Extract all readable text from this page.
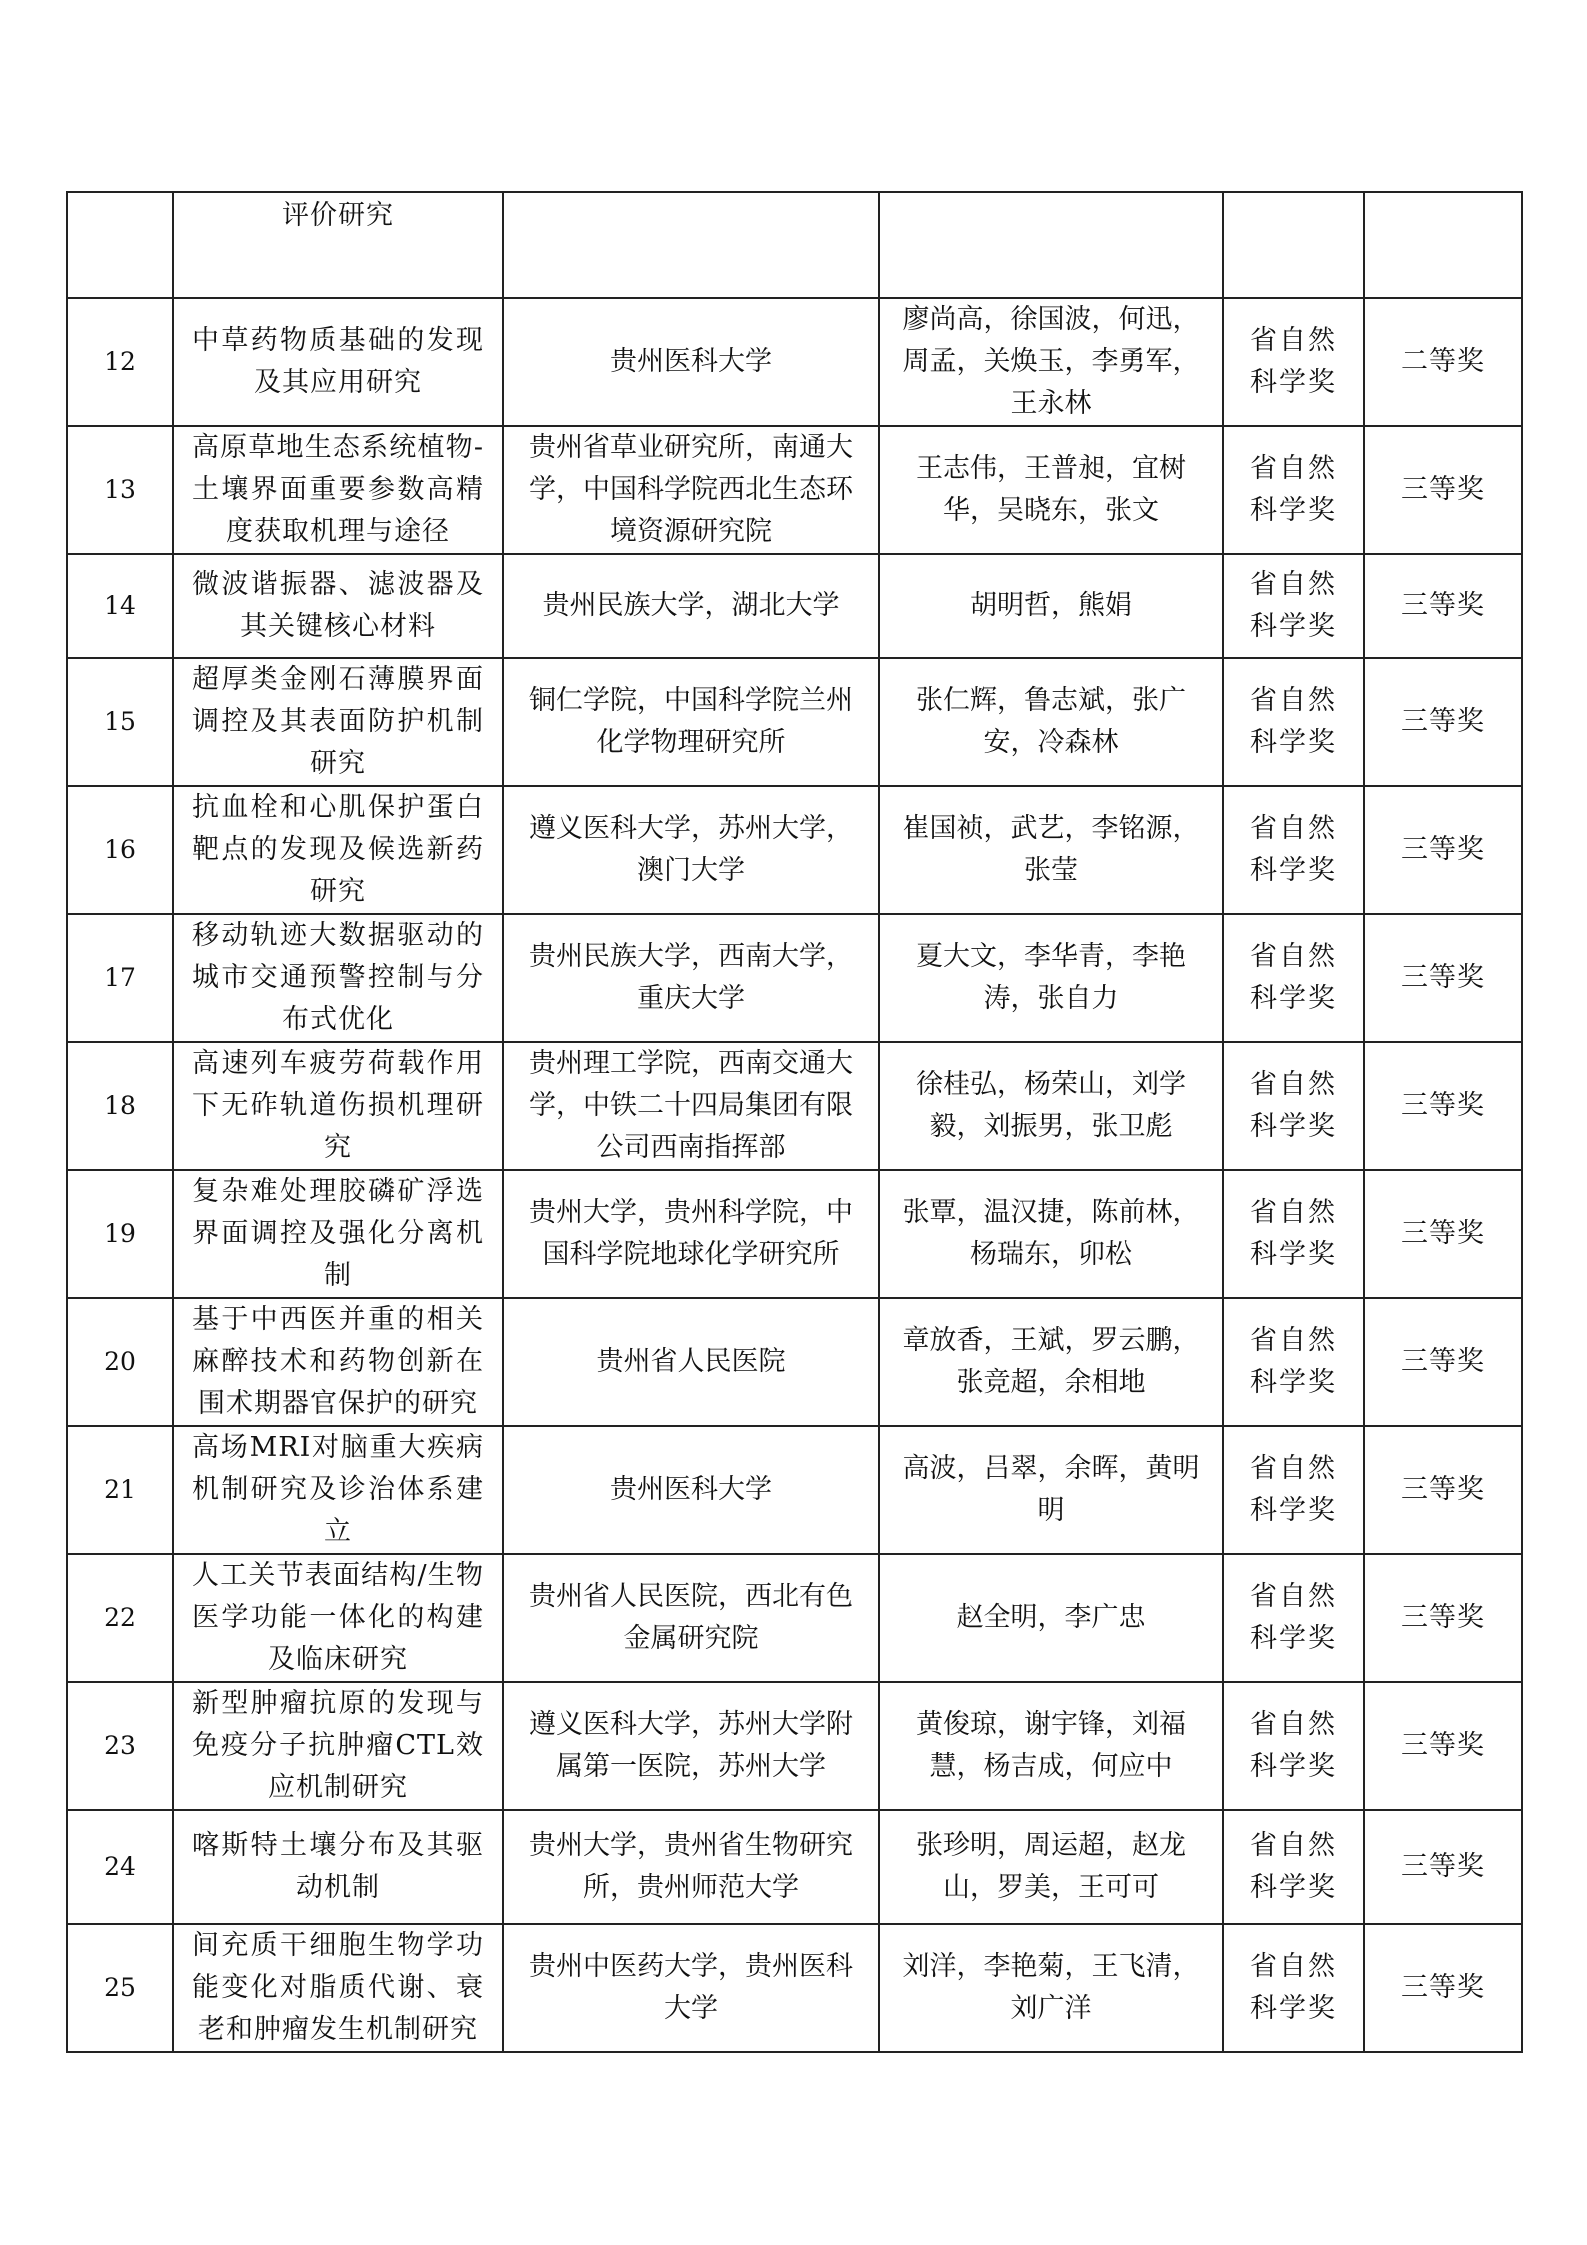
	评价研究				
12	中草药物质基础的发现及其应用研究	贵州医科大学	廖尚高，徐国波，何迅，周孟，关焕玉，李勇军，王永林	省自然科学奖	二等奖
13	高原草地生态系统植物-土壤界面重要参数高精度获取机理与途径	贵州省草业研究所，南通大学，中国科学院西北生态环境资源研究院	王志伟，王普昶，宜树华，吴晓东，张文	省自然科学奖	三等奖
14	微波谐振器、滤波器及其关键核心材料	贵州民族大学，湖北大学	胡明哲，熊娟	省自然科学奖	三等奖
15	超厚类金刚石薄膜界面调控及其表面防护机制研究	铜仁学院，中国科学院兰州化学物理研究所	张仁辉，鲁志斌，张广安，冷森林	省自然科学奖	三等奖
16	抗血栓和心肌保护蛋白靶点的发现及候选新药研究	遵义医科大学，苏州大学，澳门大学	崔国祯，武艺，李铭源，张莹	省自然科学奖	三等奖
17	移动轨迹大数据驱动的城市交通预警控制与分布式优化	贵州民族大学，西南大学，重庆大学	夏大文，李华青，李艳涛，张自力	省自然科学奖	三等奖
18	高速列车疲劳荷载作用下无砟轨道伤损机理研究	贵州理工学院，西南交通大学，中铁二十四局集团有限公司西南指挥部	徐桂弘，杨荣山，刘学毅，刘振男，张卫彪	省自然科学奖	三等奖
19	复杂难处理胶磷矿浮选界面调控及强化分离机制	贵州大学，贵州科学院，中国科学院地球化学研究所	张覃，温汉捷，陈前林，杨瑞东，卯松	省自然科学奖	三等奖
20	基于中西医并重的相关麻醉技术和药物创新在围术期器官保护的研究	贵州省人民医院	章放香，王斌，罗云鹏，张竞超，余相地	省自然科学奖	三等奖
21	高场MRI对脑重大疾病机制研究及诊治体系建立	贵州医科大学	高波，吕翠，余晖，黄明明	省自然科学奖	三等奖
22	人工关节表面结构/生物医学功能一体化的构建及临床研究	贵州省人民医院，西北有色金属研究院	赵全明，李广忠	省自然科学奖	三等奖
23	新型肿瘤抗原的发现与免疫分子抗肿瘤CTL效应机制研究	遵义医科大学，苏州大学附属第一医院，苏州大学	黄俊琼，谢宇锋，刘福慧，杨吉成，何应中	省自然科学奖	三等奖
24	喀斯特土壤分布及其驱动机制	贵州大学，贵州省生物研究所，贵州师范大学	张珍明，周运超，赵龙山，罗美，王可可	省自然科学奖	三等奖
25	间充质干细胞生物学功能变化对脂质代谢、衰老和肿瘤发生机制研究	贵州中医药大学，贵州医科大学	刘洋，李艳菊，王飞清，刘广洋	省自然科学奖	三等奖
